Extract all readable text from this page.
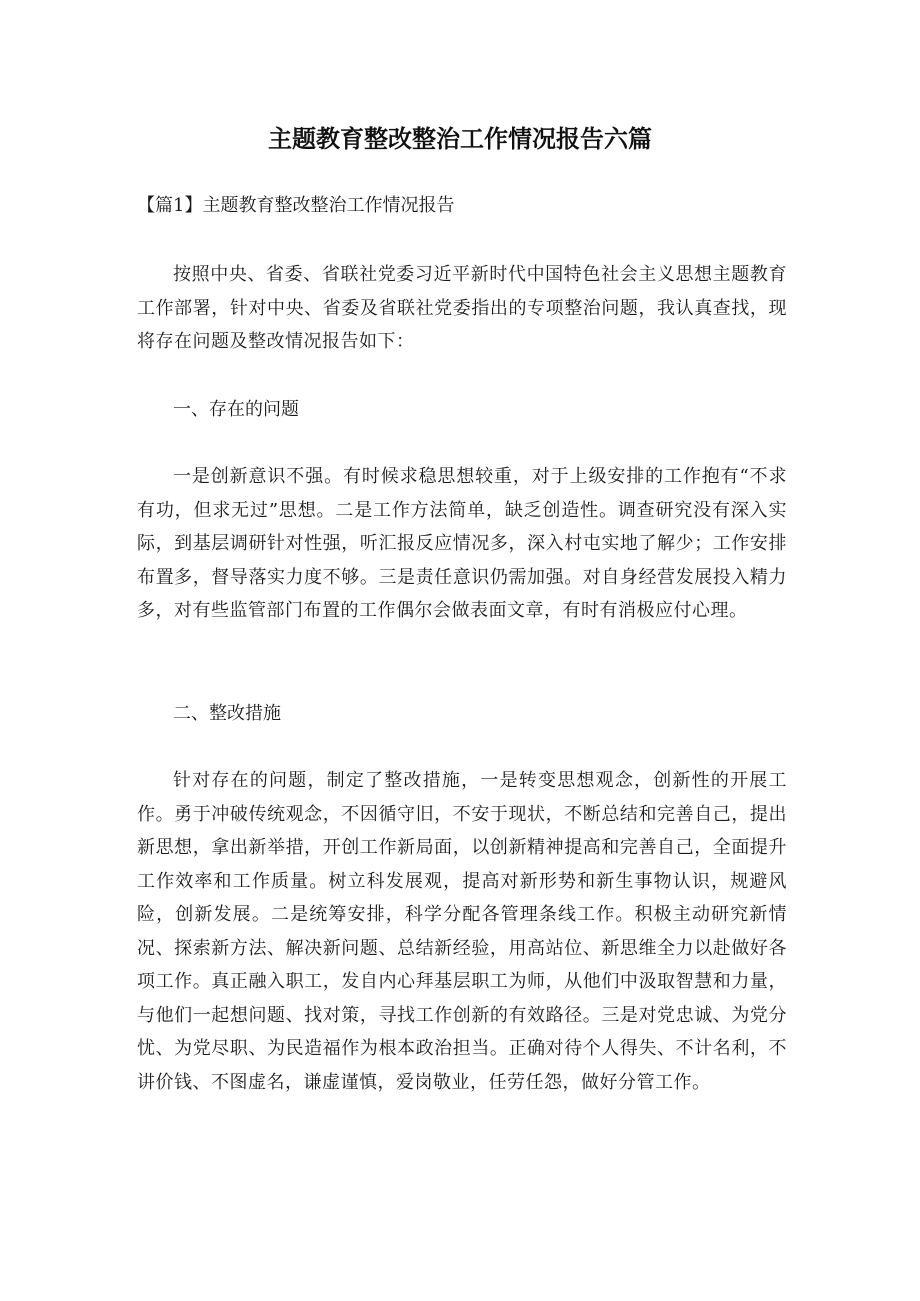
主题教育整改整治工作情况报告六篇
【篇1】主题教育整改整治工作情况报告

按照中央、省委、省联社党委习近平新时代中国特色社会主义思想主题教育工作部署，针对中央、省委及省联社党委指出的专项整治问题，我认真查找，现将存在问题及整改情况报告如下：

一、存在的问题

一是创新意识不强。有时候求稳思想较重，对于上级安排的工作抱有“不求有功，但求无过”思想。二是工作方法简单，缺乏创造性。调查研究没有深入实际，到基层调研针对性强，听汇报反应情况多，深入村屯实地了解少；工作安排布置多，督导落实力度不够。三是责任意识仍需加强。对自身经营发展投入精力多，对有些监管部门布置的工作偶尔会做表面文章，有时有消极应付心理。

二、整改措施

针对存在的问题，制定了整改措施，一是转变思想观念，创新性的开展工作。勇于冲破传统观念，不因循守旧，不安于现状，不断总结和完善自己，提出新思想，拿出新举措，开创工作新局面，以创新精神提高和完善自己，全面提升工作效率和工作质量。树立科发展观，提高对新形势和新生事物认识，规避风险，创新发展。二是统筹安排，科学分配各管理条线工作。积极主动研究新情况、探索新方法、解决新问题、总结新经验，用高站位、新思维全力以赴做好各项工作。真正融入职工，发自内心拜基层职工为师，从他们中汲取智慧和力量，与他们一起想问题、找对策，寻找工作创新的有效路径。三是对党忠诚、为党分忧、为党尽职、为民造福作为根本政治担当。正确对待个人得失、不计名利，不讲价钱、不图虚名，谦虚谨慎，爱岗敬业，任劳任怨，做好分管工作。
